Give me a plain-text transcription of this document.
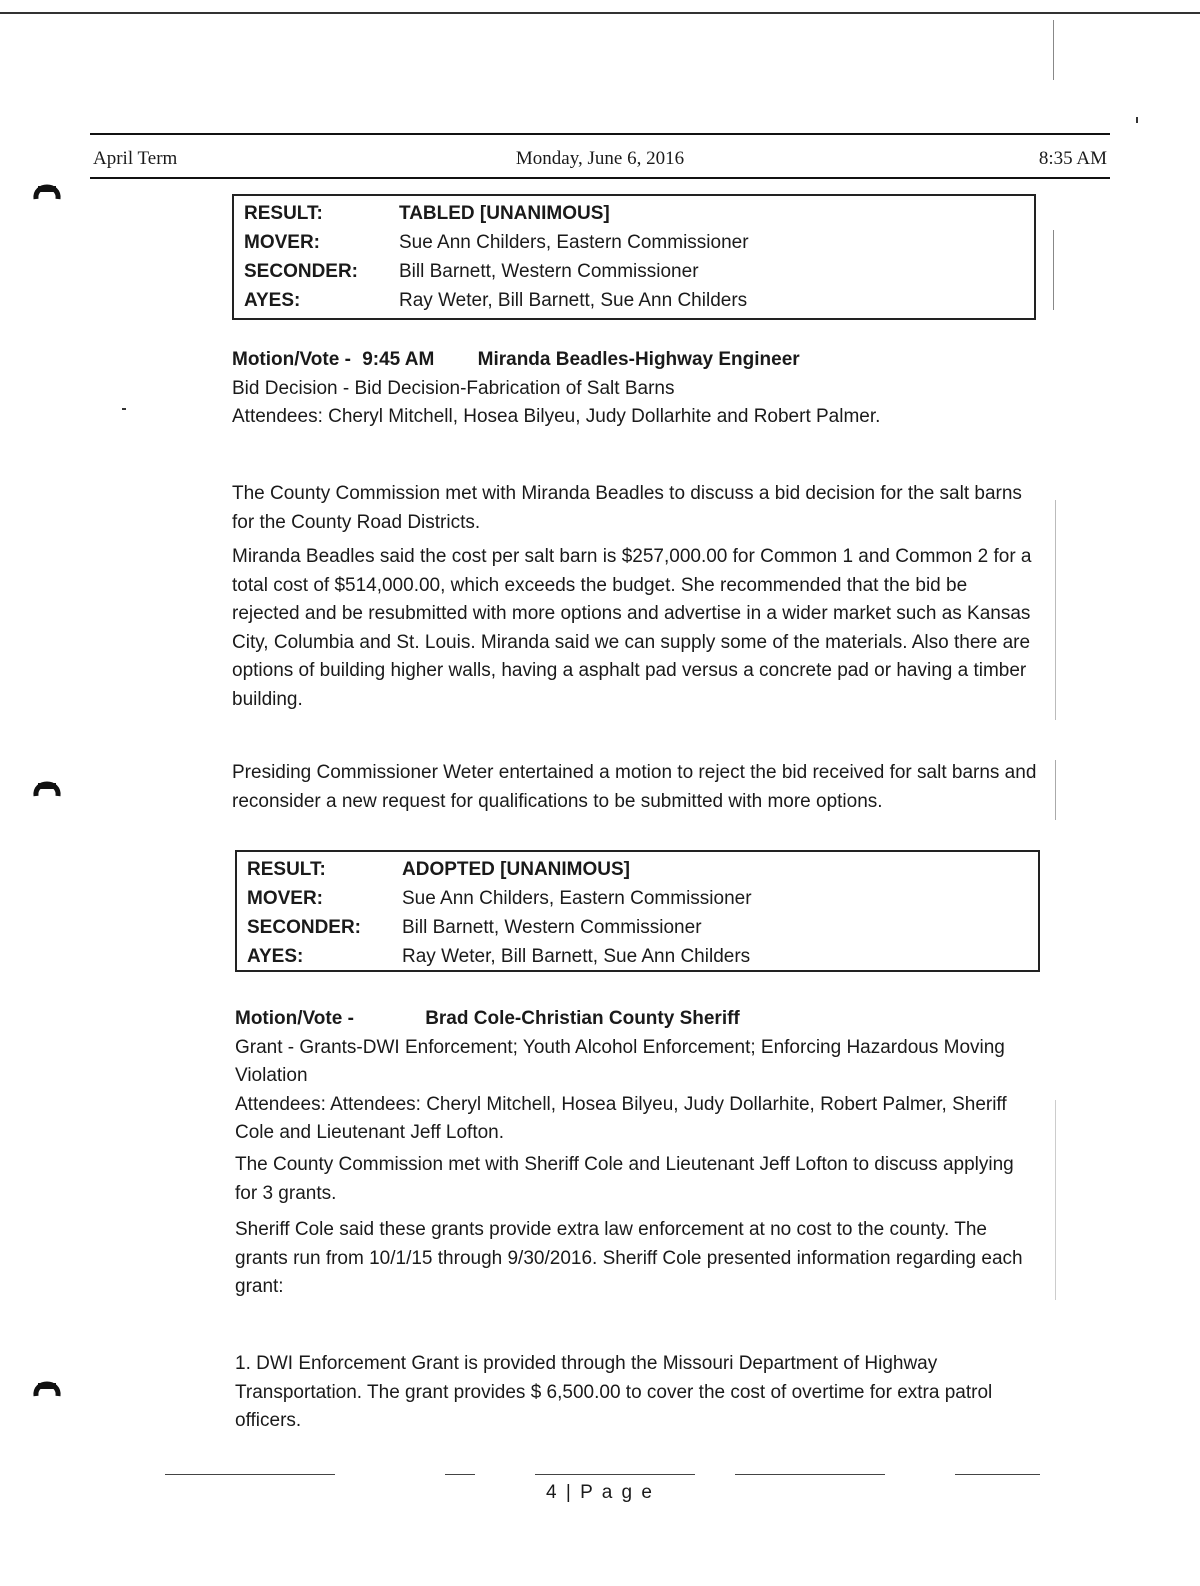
April Term	Monday, June 6, 2016	8:35 AM
RESULT:	TABLED [UNANIMOUS]
MOVER:	Sue Ann Childers, Eastern Commissioner
SECONDER:	Bill Barnett, Western Commissioner
AYES:	Ray Weter, Bill Barnett, Sue Ann Childers
Motion/Vote - 9:45 AM Miranda Beadles-Highway Engineer
Bid Decision - Bid Decision-Fabrication of Salt Barns
Attendees: Cheryl Mitchell, Hosea Bilyeu, Judy Dollarhite and Robert Palmer.
The County Commission met with Miranda Beadles to discuss a bid decision for the salt barns for the County Road Districts.
Miranda Beadles said the cost per salt barn is $257,000.00 for Common 1 and Common 2 for a total cost of $514,000.00, which exceeds the budget. She recommended that the bid be rejected and be resubmitted with more options and advertise in a wider market such as Kansas City, Columbia and St. Louis. Miranda said we can supply some of the materials. Also there are options of building higher walls, having a asphalt pad versus a concrete pad or having a timber building.
Presiding Commissioner Weter entertained a motion to reject the bid received for salt barns and reconsider a new request for qualifications to be submitted with more options.
RESULT:	ADOPTED [UNANIMOUS]
MOVER:	Sue Ann Childers, Eastern Commissioner
SECONDER:	Bill Barnett, Western Commissioner
AYES:	Ray Weter, Bill Barnett, Sue Ann Childers
Motion/Vote -	Brad Cole-Christian County Sheriff
Grant - Grants-DWI Enforcement; Youth Alcohol Enforcement; Enforcing Hazardous Moving Violation
Attendees: Attendees: Cheryl Mitchell, Hosea Bilyeu, Judy Dollarhite, Robert Palmer, Sheriff Cole and Lieutenant Jeff Lofton.
The County Commission met with Sheriff Cole and Lieutenant Jeff Lofton to discuss applying for 3 grants.
Sheriff Cole said these grants provide extra law enforcement at no cost to the county. The grants run from 10/1/15 through 9/30/2016. Sheriff Cole presented information regarding each grant:
1. DWI Enforcement Grant is provided through the Missouri Department of Highway Transportation. The grant provides $ 6,500.00 to cover the cost of overtime for extra patrol officers.
4 | P a g e
